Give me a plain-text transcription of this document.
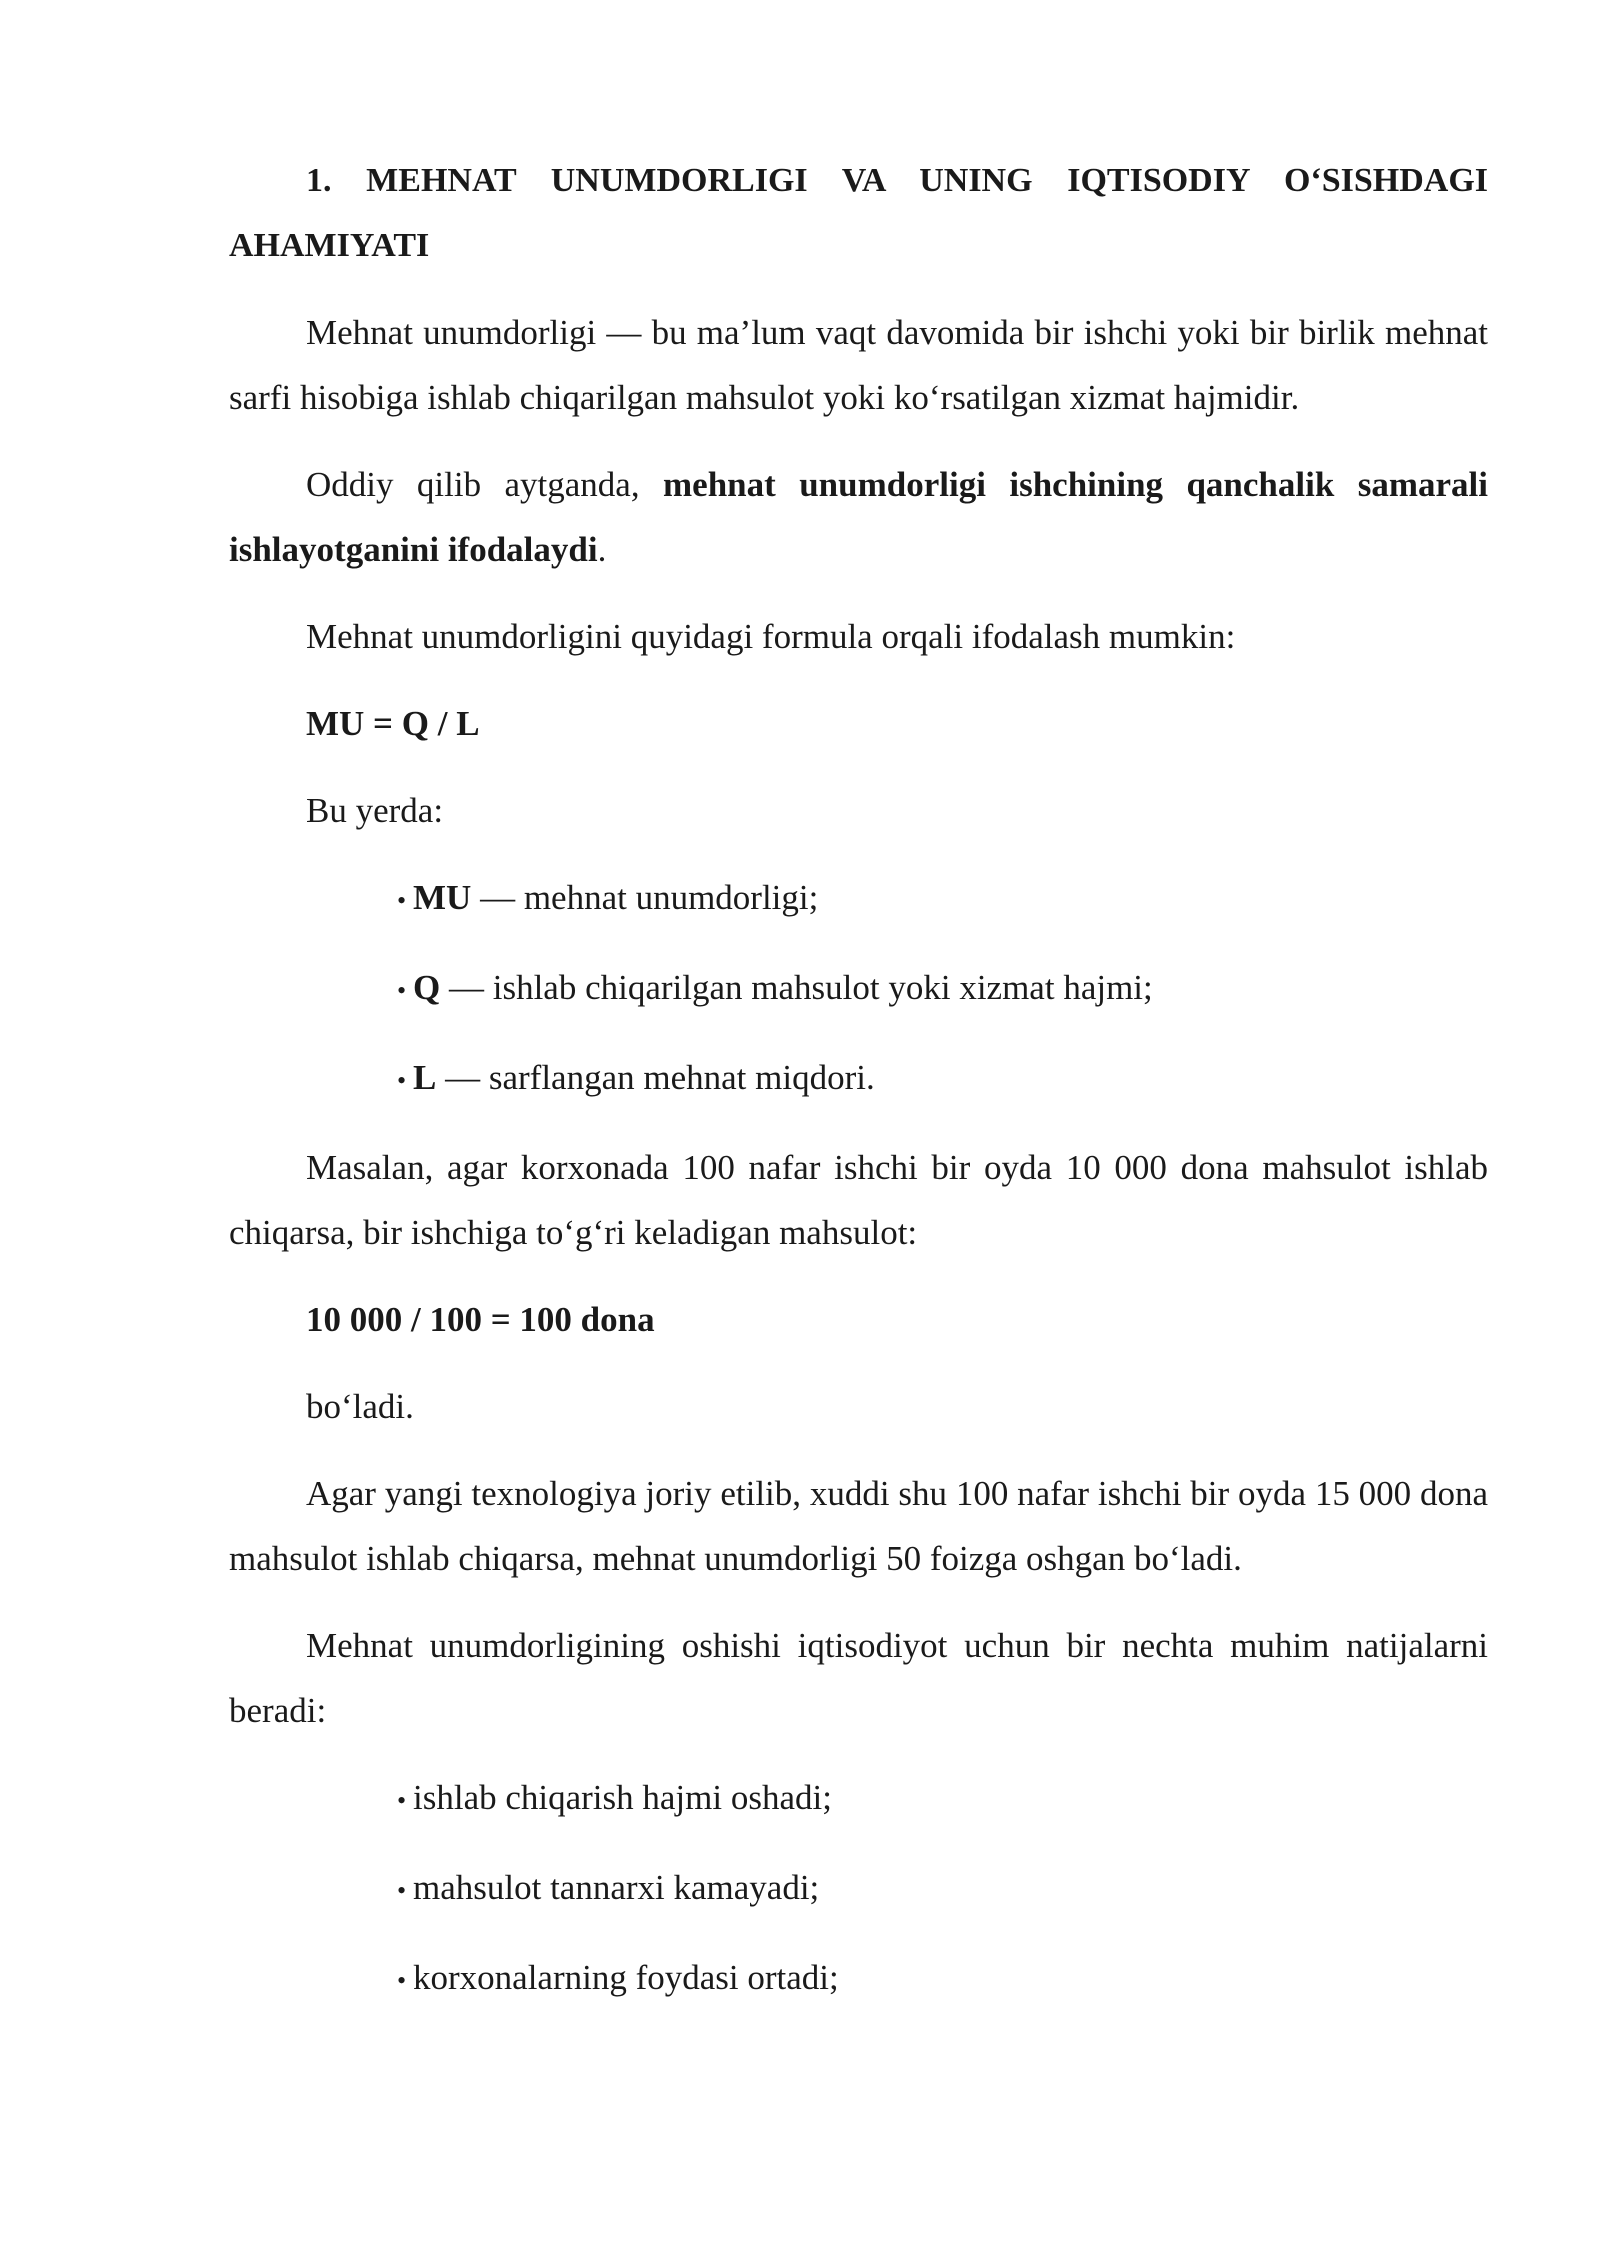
1. MEHNAT UNUMDORLIGI VA UNING IQTISODIY O‘SISHDAGI AHAMIYATI

Mehnat unumdorligi — bu ma’lum vaqt davomida bir ishchi yoki bir birlik mehnat sarfi hisobiga ishlab chiqarilgan mahsulot yoki ko‘rsatilgan xizmat hajmidir.

Oddiy qilib aytganda, mehnat unumdorligi ishchining qanchalik samarali ishlayotganini ifodalaydi.

Mehnat unumdorligini quyidagi formula orqali ifodalash mumkin:

MU = Q / L

Bu yerda:

• MU — mehnat unumdorligi;
• Q — ishlab chiqarilgan mahsulot yoki xizmat hajmi;
• L — sarflangan mehnat miqdori.

Masalan, agar korxonada 100 nafar ishchi bir oyda 10 000 dona mahsulot ishlab chiqarsa, bir ishchiga to‘g‘ri keladigan mahsulot:

10 000 / 100 = 100 dona

bo‘ladi.

Agar yangi texnologiya joriy etilib, xuddi shu 100 nafar ishchi bir oyda 15 000 dona mahsulot ishlab chiqarsa, mehnat unumdorligi 50 foizga oshgan bo‘ladi.

Mehnat unumdorligining oshishi iqtisodiyot uchun bir nechta muhim natijalarni beradi:

• ishlab chiqarish hajmi oshadi;
• mahsulot tannarxi kamayadi;
• korxonalarning foydasi ortadi;
